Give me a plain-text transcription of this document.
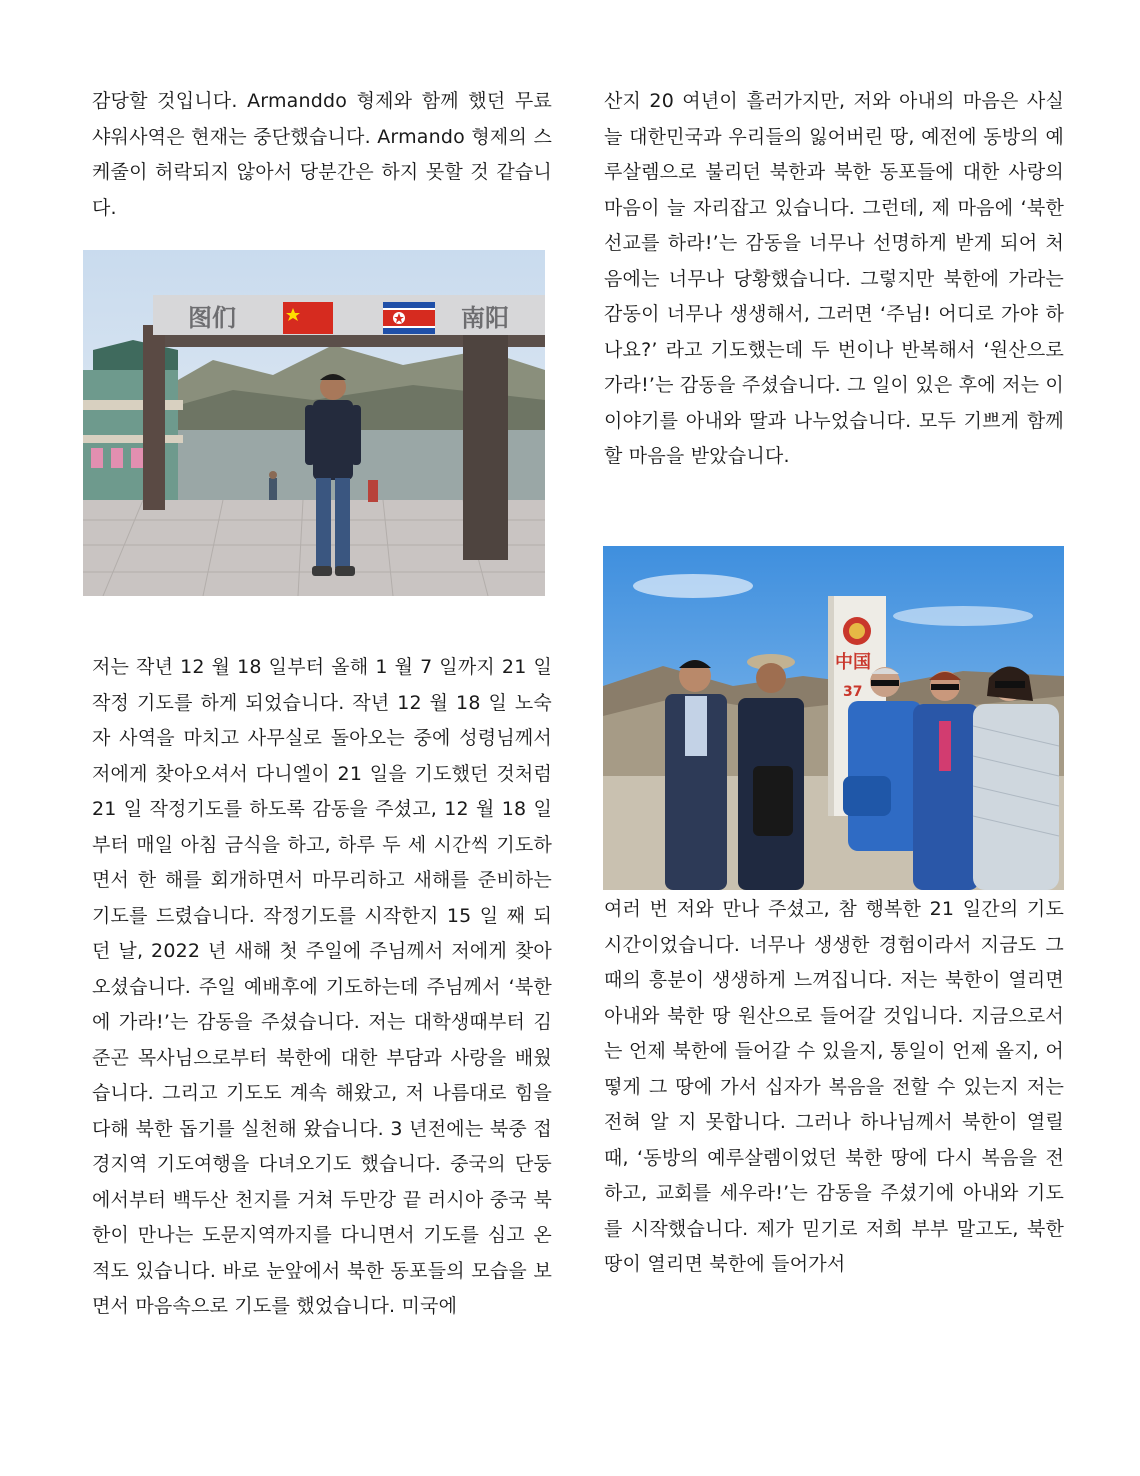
감당할 것입니다. Armanddo 형제와 함께 했던 무료 샤워사역은 현재는 중단했습니다. Armando 형제의 스케줄이 허락되지 않아서 당분간은 하지 못할 것 같습니다.

저는 작년 12 월 18 일부터 올해 1 월 7 일까지 21 일 작정 기도를 하게 되었습니다. 작년 12 월 18 일 노숙자 사역을 마치고 사무실로 돌아오는 중에 성령님께서 저에게 찾아오셔서 다니엘이 21 일을 기도했던 것처럼 21 일 작정기도를 하도록 감동을 주셨고, 12 월 18 일부터 매일 아침 금식을 하고, 하루 두 세 시간씩 기도하면서 한 해를 회개하면서 마무리하고 새해를 준비하는 기도를 드렸습니다. 작정기도를 시작한지 15 일 째 되던 날, 2022 년 새해 첫 주일에 주님께서 저에게 찾아오셨습니다. 주일 예배후에 기도하는데 주님께서 ‘북한에 가라!’는 감동을 주셨습니다. 저는 대학생때부터 김준곤 목사님으로부터 북한에 대한 부담과 사랑을 배웠습니다. 그리고 기도도 계속 해왔고, 저 나름대로 힘을 다해 북한 돕기를 실천해 왔습니다. 3 년전에는 북중 접경지역 기도여행을 다녀오기도 했습니다. 중국의 단둥에서부터 백두산 천지를 거쳐 두만강 끝 러시아 중국 북한이 만나는 도문지역까지를 다니면서 기도를 심고 온 적도 있습니다. 바로 눈앞에서 북한 동포들의 모습을 보면서 마음속으로 기도를 했었습니다. 미국에

산지 20 여년이 흘러가지만, 저와 아내의 마음은 사실 늘 대한민국과 우리들의 잃어버린 땅, 예전에 동방의 예루살렘으로 불리던 북한과 북한 동포들에 대한 사랑의 마음이 늘 자리잡고 있습니다. 그런데, 제 마음에 ‘북한 선교를 하라!’는 감동을 너무나 선명하게 받게 되어 처음에는 너무나 당황했습니다. 그렇지만 북한에 가라는 감동이 너무나 생생해서, 그러면 ‘주님! 어디로 가야 하나요?’ 라고 기도했는데 두 번이나 반복해서 ‘원산으로 가라!’는 감동을 주셨습니다. 그 일이 있은 후에 저는 이 이야기를 아내와 딸과 나누었습니다. 모두 기쁘게 함께할 마음을 받았습니다.

여러 번 저와 만나 주셨고, 참 행복한 21 일간의 기도 시간이었습니다. 너무나 생생한 경험이라서 지금도 그때의 흥분이 생생하게 느껴집니다. 저는 북한이 열리면 아내와 북한 땅 원산으로 들어갈 것입니다. 지금으로서는 언제 북한에 들어갈 수 있을지, 통일이 언제 올지, 어떻게 그 땅에 가서 십자가 복음을 전할 수 있는지 저는 전혀 알 지 못합니다. 그러나 하나님께서 북한이 열릴 때, ‘동방의 예루살렘이었던 북한 땅에 다시 복음을 전하고, 교회를 세우라!’는 감동을 주셨기에 아내와 기도를 시작했습니다. 제가 믿기로 저희 부부 말고도, 북한 땅이 열리면 북한에 들어가서

图们	南阳
中国
37
